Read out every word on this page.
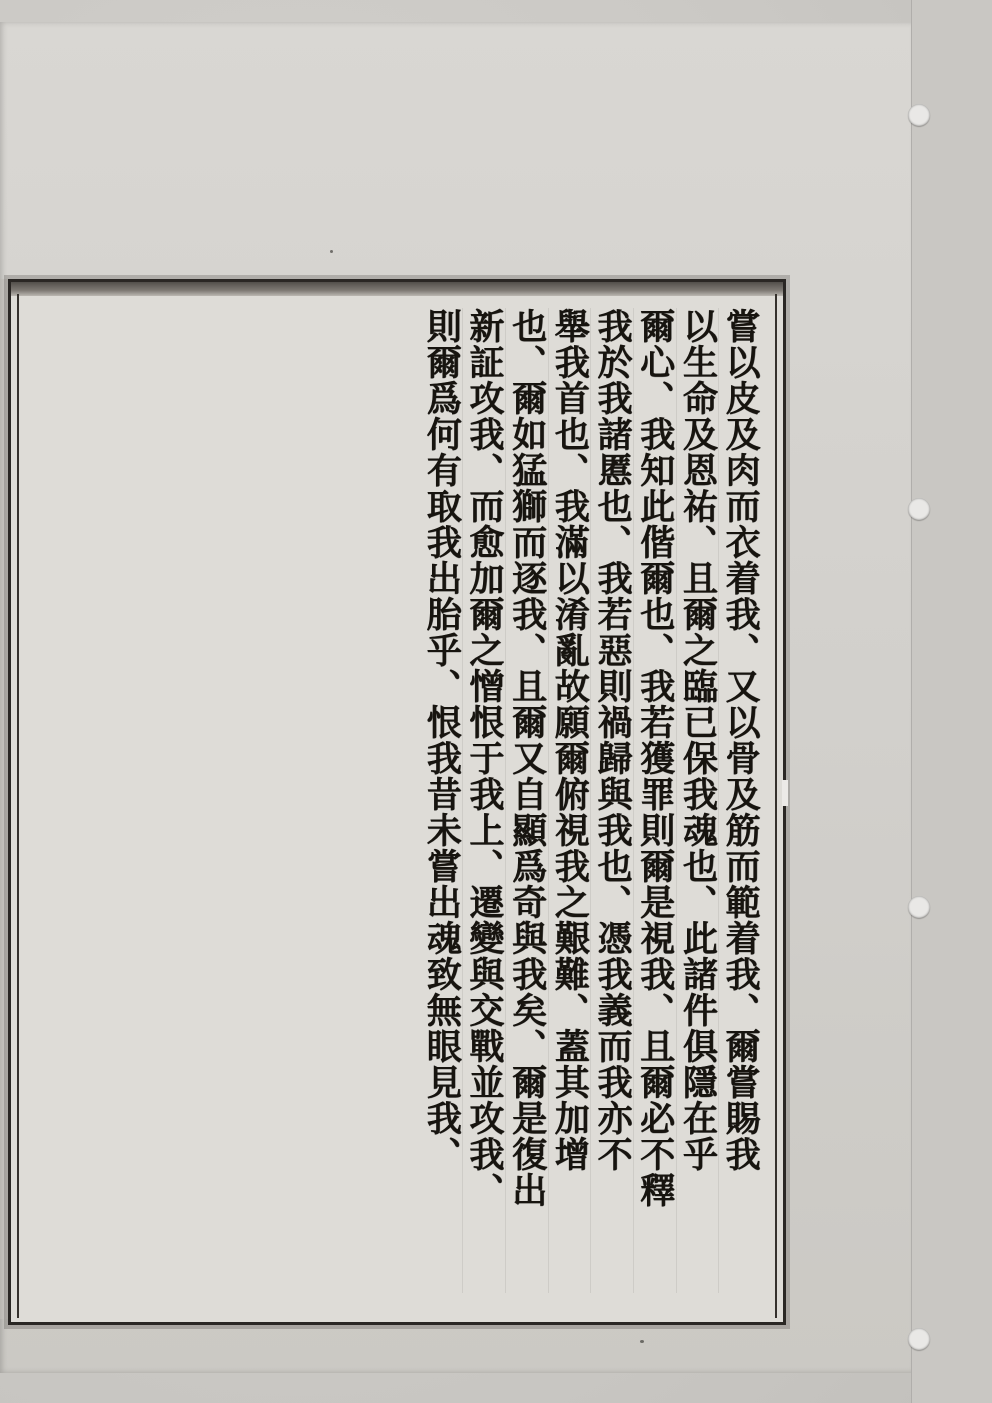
嘗以皮及肉而衣着我、又以骨及筋而範着我、爾嘗賜我
以生命及恩祐、且爾之臨已保我魂也、此諸件俱隱在乎
爾心、我知此偕爾也、我若獲罪則爾是視我、且爾必不釋
我於我諸慝也、我若惡則禍歸與我也、憑我義而我亦不
舉我首也、我滿以淆亂故願爾俯視我之艱難、蓋其加增
也、爾如猛獅而逐我、且爾又自顯爲奇與我矣、爾是復出
新証攻我、而愈加爾之憎恨于我上、遷變與交戰並攻我、
則爾爲何有取我出胎乎、恨我昔未嘗出魂致無眼見我、
